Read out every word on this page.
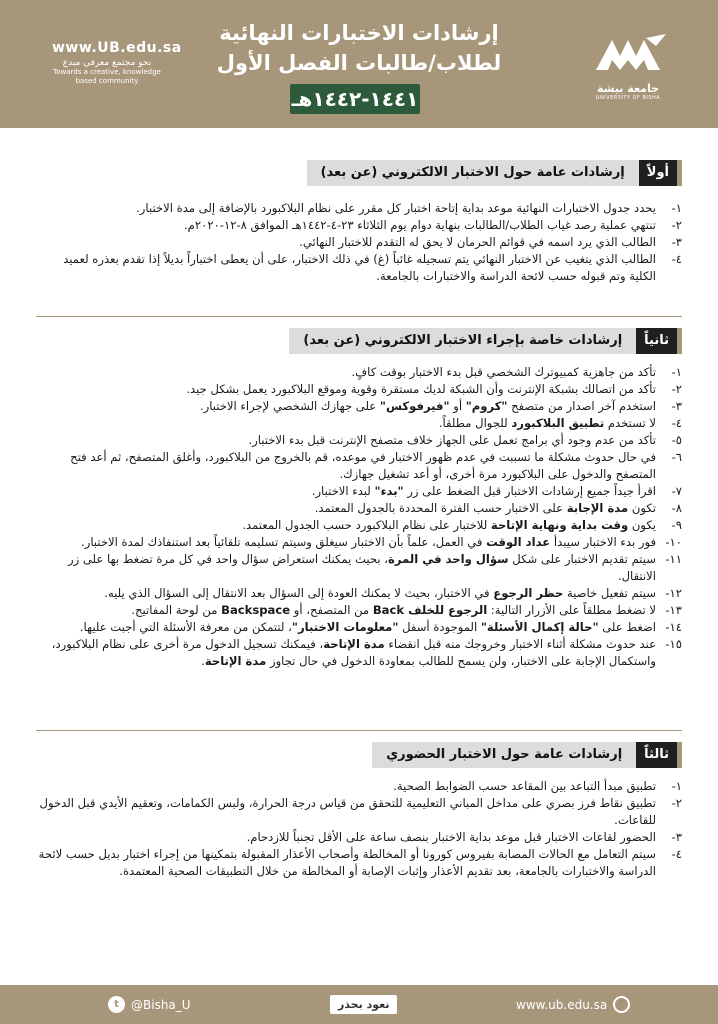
www.UB.edu.sa
نحو مجتمع معرفي مبدع
Towards a creative, knowledge based community
إرشادات الاختبارات النهائية
لطلاب/طالبات الفصل الأول
١٤٤١-١٤٤٢هـ	جامعة بيشة
UNIVERSITY OF BISHA
أولاً
إرشادات عامة حول الاختبار الالكتروني (عن بعد)
١-
يحدد جدول الاختبارات النهائية موعد بداية إتاحة اختبار كل مقرر على نظام البلاكبورد بالإضافة إلى مدة الاختبار.
٢-
تنتهي عملية رصد غياب الطلاب/الطالبات بنهاية دوام يوم الثلاثاء ٢٣-٤-١٤٤٢هـ الموافق ٨-١٢-٢٠٢٠م.
٣-
الطالب الذي يرد اسمه في قوائم الحرمان لا يحق له التقدم للاختبار النهائي.
٤-
الطالب الذي يتغيب عن الاختبار النهائي يتم تسجيله غائباً (غ) في ذلك الاختبار، على أن يعطى اختباراً بديلاً إذا تقدم بعذره لعميد الكلية وتم قبوله حسب لائحة الدراسة والاختبارات بالجامعة.
ثانياً
إرشادات خاصة بإجراء الاختبار الالكتروني (عن بعد)
١-
تأكد من جاهزية كمبيوترك الشخصي قبل بدء الاختبار بوقت كافٍ.
٢-
تأكد من اتصالك بشبكة الإنترنت وأن الشبكة لديك مستقرة وقوية وموقع البلاكبورد يعمل بشكل جيد.
٣-
استخدم آخر اصدار من متصفح "كروم" أو "فيرفوكس" على جهازك الشخصي لإجراء الاختبار.
٤-
لا تستخدم تطبيق البلاكبورد للجوال مطلقاً.
٥-
تأكد من عدم وجود أي برامج تعمل على الجهاز خلاف متصفح الإنترنت قبل بدء الاختبار.
٦-
في حال حدوث مشكلة ما تسببت في عدم ظهور الاختبار في موعده، قم بالخروج من البلاكبورد، وأغلق المتصفح، ثم أعد فتح المتصفح والدخول على البلاكبورد مرة أخرى، أو أعد تشغيل جهازك.
٧-
اقرأ جيداً جميع إرشادات الاختبار قبل الضغط على زر "بدء" لبدء الاختبار.
٨-
تكون مدة الإجابة على الاختبار حسب الفترة المحددة بالجدول المعتمد.
٩-
يكون وقت بداية ونهاية الإتاحة للاختبار على نظام البلاكبورد حسب الجدول المعتمد.
١٠-
فور بدء الاختبار سيبدأ عداد الوقت في العمل، علماً بأن الاختبار سيغلق وسيتم تسليمه تلقائياً بعد استنفاذك لمدة الاختبار.
١١-
سيتم تقديم الاختبار على شكل سؤال واحد في المرة، بحيث يمكنك استعراض سؤال واحد في كل مرة تضغط بها على زر الانتقال.
١٢-
سيتم تفعيل خاصية حظر الرجوع في الاختبار، بحيث لا يمكنك العودة إلى السؤال بعد الانتقال إلى السؤال الذي يليه.
١٣-
لا تضغط مطلقاً على الأزرار التالية: الرجوع للخلف Back من المتصفح، أو Backspace من لوحة المفاتيح.
١٤-
اضغط على "حالة إكمال الأسئلة" الموجودة أسفل "معلومات الاختبار"، لتتمكن من معرفة الأسئلة التي أجبت عليها.
١٥-
عند حدوث مشكلة أثناء الاختبار وخروجك منه قبل انقضاء مدة الإتاحة، فيمكنك تسجيل الدخول مرة أخرى على نظام البلاكبورد، واستكمال الإجابة على الاختبار، ولن يسمح للطالب بمعاودة الدخول في حال تجاوز مدة الإتاحة.
ثالثاً
إرشادات عامة حول الاختبار الحضوري
١-
تطبيق مبدأ التباعد بين المقاعد حسب الضوابط الصحية.
٢-
تطبيق نقاط فرز بصري على مداخل المباني التعليمية للتحقق من قياس درجة الحرارة، ولبس الكمامات، وتعقيم الأيدي قبل الدخول للقاعات.
٣-
الحضور لقاعات الاختبار قبل موعد بداية الاختبار بنصف ساعة على الأقل تجنباً للازدحام.
٤-
سيتم التعامل مع الحالات المصابة بفيروس كورونا أو المخالطة وأصحاب الأعذار المقبولة بتمكينها من إجراء اختبار بديل حسب لائحة الدراسة والاختبارات بالجامعة، بعد تقديم الأعذار وإثبات الإصابة أو المخالطة من خلال التطبيقات الصحية المعتمدة.
t	@Bisha_U	نعود بحذر	www.ub.edu.sa
